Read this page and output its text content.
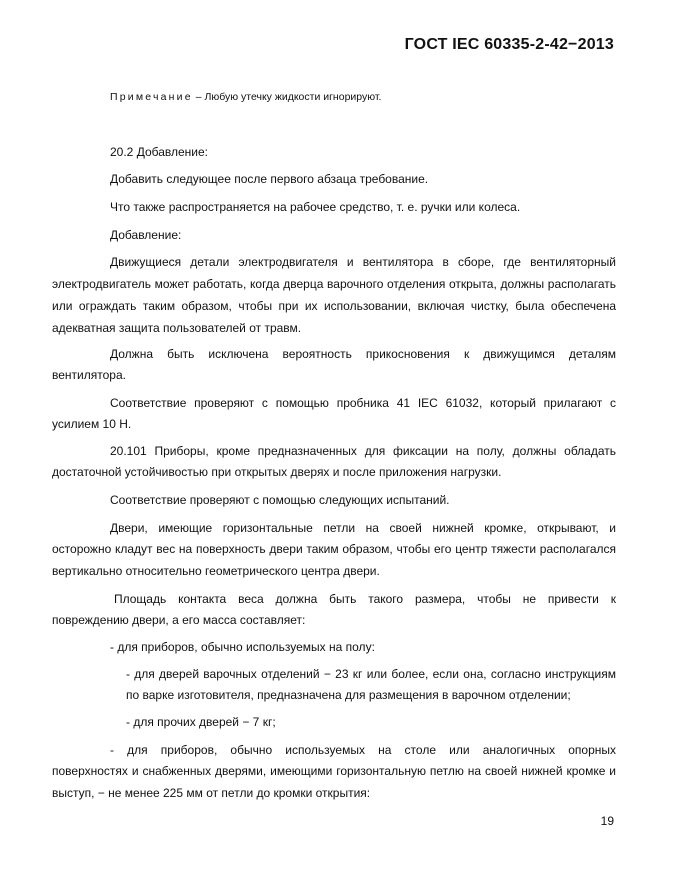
ГОСТ IEC 60335-2-42−2013
Примечание – Любую утечку жидкости игнорируют.
20.2 Добавление:
Добавить следующее после первого абзаца требование.
Что также распространяется на рабочее средство, т. е. ручки или колеса.
Добавление:
Движущиеся детали электродвигателя и вентилятора в сборе, где вентиляторный
электродвигатель может работать, когда дверца варочного отделения открыта, должны располагать или ограждать таким образом, чтобы при их использовании, включая чистку, была обеспечена адекватная защита пользователей от травм.
Должна быть исключена вероятность прикосновения к движущимся деталям
вентилятора.
Соответствие проверяют с помощью пробника 41 IEC 61032, который прилагают с
усилием 10 Н.
20.101 Приборы, кроме предназначенных для фиксации на полу, должны обладать
достаточной устойчивостью при открытых дверях и после приложения нагрузки.
Соответствие проверяют с помощью следующих испытаний.
Двери, имеющие горизонтальные петли на своей нижней кромке, открывают, и
осторожно кладут вес на поверхность двери таким образом, чтобы его центр тяжести располагался вертикально относительно геометрического центра двери.
Площадь контакта веса должна быть такого размера, чтобы не привести к
повреждению двери, а его масса составляет:
- для приборов, обычно используемых на полу:
- для дверей варочных отделений − 23 кг или более, если она, согласно инструкциям
по варке изготовителя, предназначена для размещения в варочном отделении;
- для прочих дверей − 7 кг;
- для приборов, обычно используемых на столе или аналогичных опорных
поверхностях и снабженных дверями, имеющими горизонтальную петлю на своей нижней кромке и выступ, − не менее 225 мм от петли до кромки открытия:
19
